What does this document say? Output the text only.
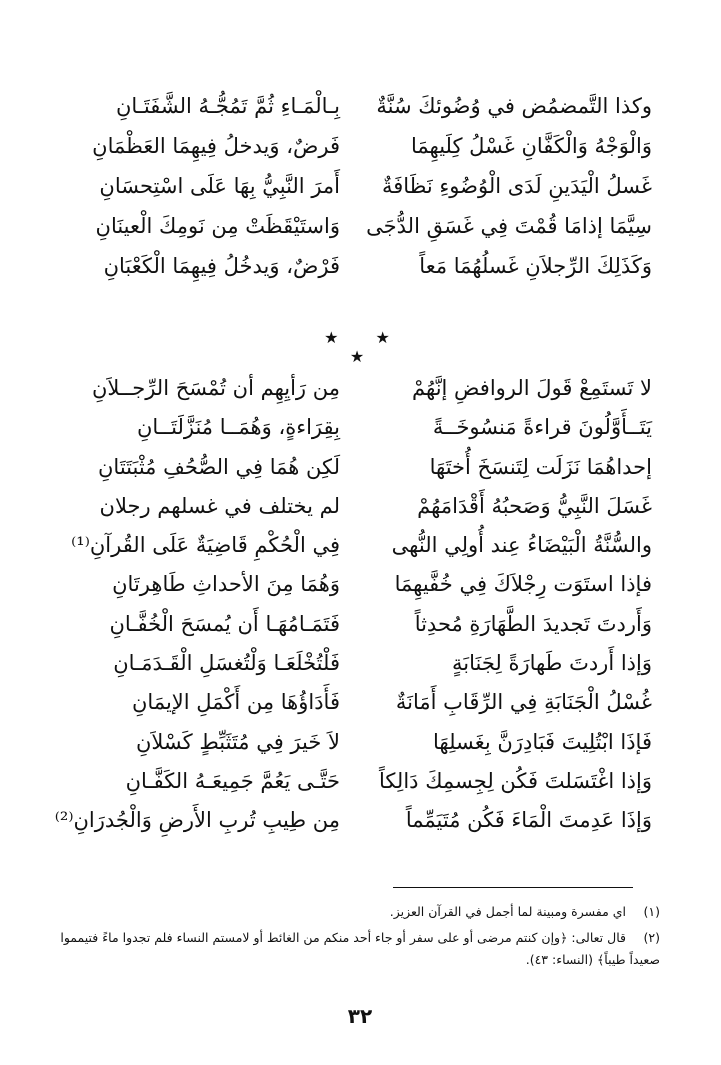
وكذا التَّمضمُض في وُضُوئكَ سُنَّةٌ
بِـالْمَـاءِ ثُمَّ تَمُجُّـهُ الشَّفَتَـانِ
وَالْوَجْهُ وَالْكَفَّانِ غَسْلُ كِلَيهِمَا
فَرضٌ، وَيدخلُ فِيهِمَا العَظْمَانِ
غَسلُ الْيَدَينِ لَدَى الْوُضُوءِ نَظَافَةٌ
أَمرَ النَّبِيُّ بِهَا عَلَى اسْتِحسَانِ
سِيَّمَا إذامَا قُمْتَ فِي غَسَقِ الدُّجَى
وَاستَيْقَظَتْ مِن نَومِكَ الْعينَانِ
وَكَذَلِكَ الرِّجلاَنِ غَسلُهُمَا مَعاً
فَرْضٌ، وَيدخُلُ فِيهِمَا الْكَعْبَانِ
★ ★ ★
لا تَستَمِعْ قَولَ الروافضِ إنَّهُمْ
مِن رَأيِهِم أن تُمْسَحَ الرِّجــلاَنِ
يَتَــأَوَّلُونَ قراءةً مَنسُوخَــةً
بِقِرَاءةٍ، وَهُمَــا مُنَزَّلَتَــانِ
إحداهُمَا نَزَلَت لِتَنسَخَ أُختَهَا
لَكِن هُمَا فِي الصُّحُفِ مُثْبَتَتَانِ
غَسَلَ النَّبِيُّ وَصَحبُهُ أَقْدَامَهُمْ
لم يختلف في غسلهم رجلان
والسُّنَّةُ الْبَيْضَاءُ عِند أُولِي النُّهى
فِي الْحُكْمِ قَاضِيَةٌ عَلَى القُرآنِ⁽¹⁾
فإذا استَوَت رِجْلاَكَ فِي خُفَّيهِمَا
وَهُمَا مِنَ الأحداثِ طَاهِرتَانِ
وَأَردتَ تَجديدَ الطَّهَارَةِ مُحدِثاً
فَتَمَـامُهَـا أَن يُمسَحَ الْخُفَّـانِ
وَإذا أَردتَ طَهارَةً لِجَنَابَةٍ
فَلْتُخْلَعَـا وَلْتُغسَلِ الْقَـدَمَـانِ
غُسْلُ الْجَنَابَةِ فِي الرِّقَابِ أَمَانَةٌ
فَأَدَاؤُهَا مِن أَكْمَلِ الإيمَانِ
فَإذَا ابْتُلِيتَ فَبَادِرَنَّ بِغَسلِهَا
لاَ خَيرَ فِي مُتَثَبِّطٍ كَسْلاَنِ
وَإذا اغْتَسَلتَ فَكُن لِجِسمِكَ دَالِكاً
حَتَّـى يَعُمَّ جَمِيعَـهُ الكَفَّـانِ
وَإذَا عَدِمتَ الْمَاءَ فَكُن مُتَيَمِّماً
مِن طِيبِ تُربِ الأَرضِ وَالْجُدرَانِ⁽²⁾
(١)اي مفسرة ومبينة لما أجمل في القرآن العزيز.
(٢)قال تعالى: ﴿وإن كنتم مرضى أو على سفر أو جاء أحد منكم من الغائط أو لامستم النساء فلم تجدوا ماءً فتيمموا صعيداً طيباً﴾ (النساء: ٤٣).
٣٢
